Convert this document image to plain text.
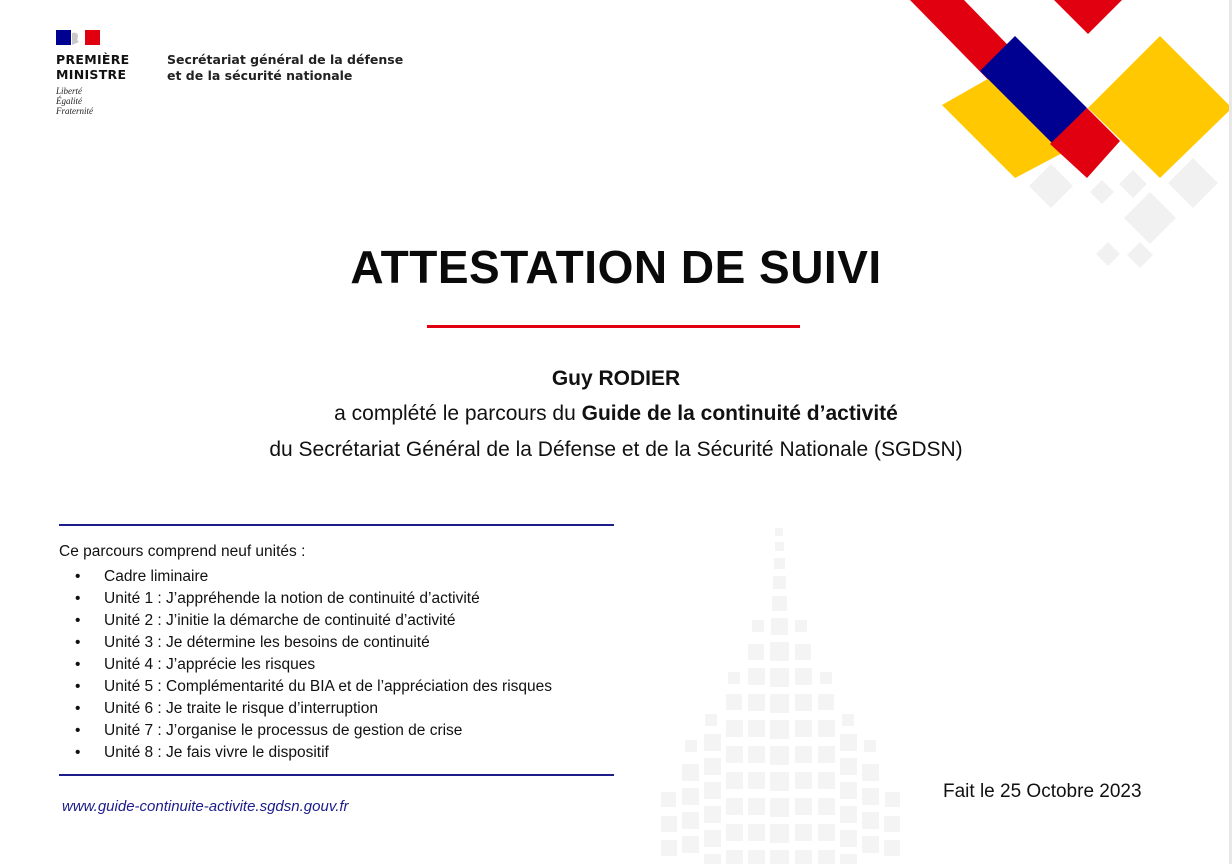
PREMIÈRE
MINISTRE
Liberté
Égalité
Fraternité
Secrétariat général de la défense
et de la sécurité nationale
ATTESTATION DE SUIVI
Guy RODIER
a complété le parcours du Guide de la continuité d’activité
du Secrétariat Général de la Défense et de la Sécurité Nationale (SGDSN)
Ce parcours comprend neuf unités :
•	Cadre liminaire
•	Unité 1 : J’appréhende la notion de continuité d’activité
•	Unité 2 : J’initie la démarche de continuité d’activité
•	Unité 3 : Je détermine les besoins de continuité
•	Unité 4 : J’apprécie les risques
•	Unité 5 : Complémentarité du BIA et de l’appréciation des risques
•	Unité 6 : Je traite le risque d’interruption
•	Unité 7 : J’organise le processus de gestion de crise
•	Unité 8 : Je fais vivre le dispositif
www.guide-continuite-activite.sgdsn.gouv.fr
Fait le 25 Octobre 2023
